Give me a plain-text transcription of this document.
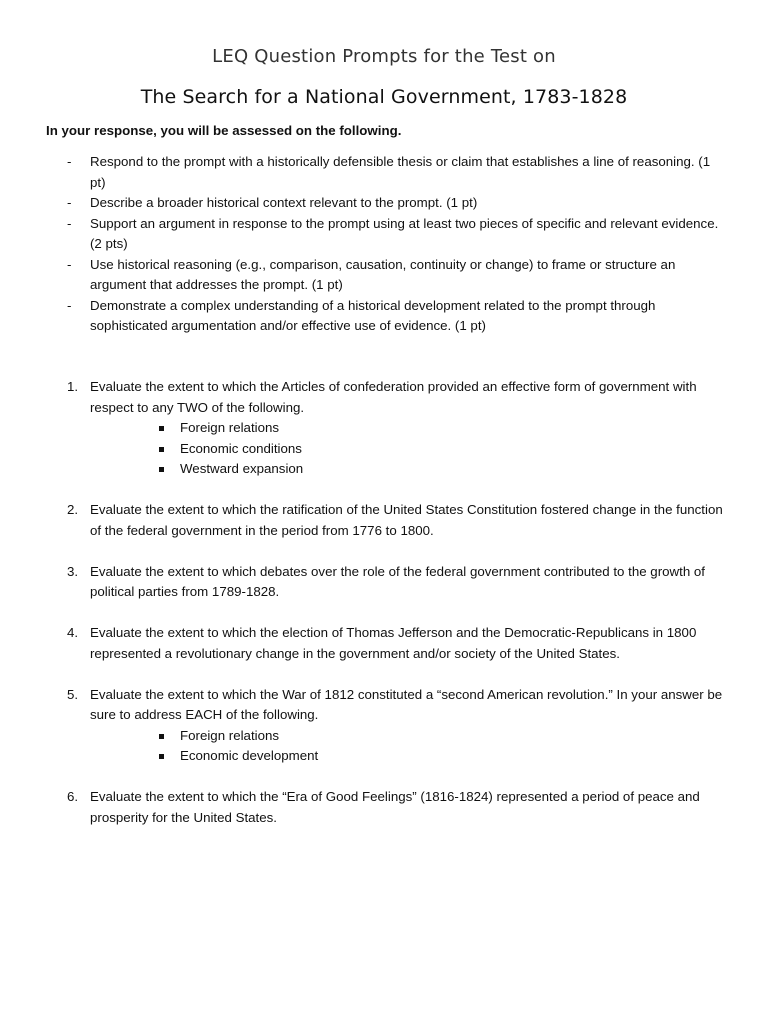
LEQ Question Prompts for the Test on
The Search for a National Government, 1783-1828
In your response, you will be assessed on the following.
- Respond to the prompt with a historically defensible thesis or claim that establishes a line of reasoning. (1 pt)
- Describe a broader historical context relevant to the prompt. (1 pt)
- Support an argument in response to the prompt using at least two pieces of specific and relevant evidence. (2 pts)
- Use historical reasoning (e.g., comparison, causation, continuity or change) to frame or structure an argument that addresses the prompt. (1 pt)
- Demonstrate a complex understanding of a historical development related to the prompt through sophisticated argumentation and/or effective use of evidence. (1 pt)
1. Evaluate the extent to which the Articles of confederation provided an effective form of government with respect to any TWO of the following.
Foreign relations
Economic conditions
Westward expansion
2. Evaluate the extent to which the ratification of the United States Constitution fostered change in the function of the federal government in the period from 1776 to 1800.
3. Evaluate the extent to which debates over the role of the federal government contributed to the growth of political parties from 1789-1828.
4. Evaluate the extent to which the election of Thomas Jefferson and the Democratic-Republicans in 1800 represented a revolutionary change in the government and/or society of the United States.
5. Evaluate the extent to which the War of 1812 constituted a “second American revolution.” In your answer be sure to address EACH of the following.
Foreign relations
Economic development
6. Evaluate the extent to which the “Era of Good Feelings” (1816-1824) represented a period of peace and prosperity for the United States.
